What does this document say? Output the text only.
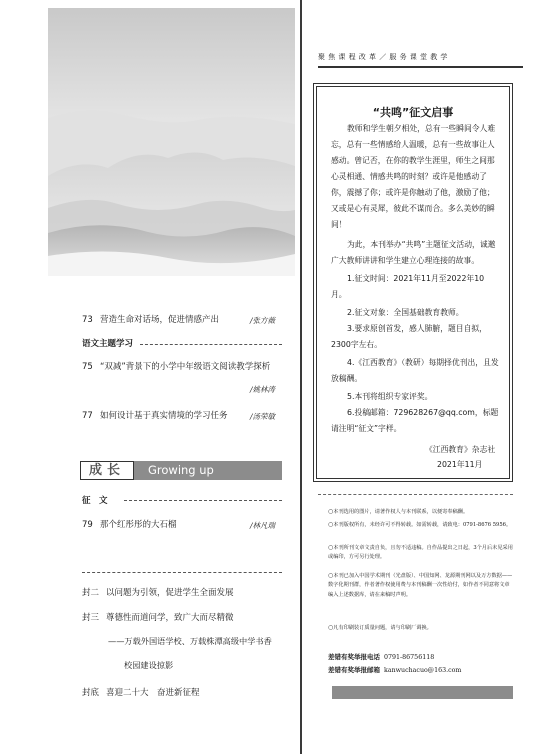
73 营造生命对话场，促进情感产出	/张方薇
语文主题学习
75 “双减”背景下的小学中年级语文阅读教学探析
/姚林涛
77 如何设计基于真实情境的学习任务	/汤荣敏
成长	Growing up
征　文
79 那个红彤彤的大石榴	/林凡瑞
封二 以问题为引领，促进学生全面发展
封三 尊德性而道问学，致广大而尽精微
——万载外国语学校、万载株潭高级中学书香
校园建设掠影
封底 喜迎二十大　奋进新征程
聚焦课程改革／服务课堂教学
“共鸣”征文启事
教师和学生朝夕相处，总有一些瞬间令人难忘，总有一些情感给人温暖，总有一些故事让人感动。曾记否，在你的教学生涯里，师生之间那心灵相通、情感共鸣的时刻？或许是他感动了你，震撼了你；或许是你触动了他，激励了他；又或是心有灵犀，彼此不谋而合。多么美妙的瞬间！
为此，本刊举办“共鸣”主题征文活动，诚邀广大教师讲讲和学生建立心理连接的故事。
1.征文时间：2021年11月至2022年10月。
2.征文对象：全国基础教育教师。
3.要求原创首发，感人肺腑，题目自拟，2300字左右。
4.《江西教育》（教研）每期择优刊出，且发放稿酬。
5.本刊将组织专家评奖。
6.投稿邮箱：729628267@qq.com，标题请注明“征文”字样。
《江西教育》杂志社
2021年11月
○本刊选用的图片，请著作权人与本刊联系，以便寄奉稿酬。
○本刊版权所有，未经许可不得转载。如需转载，请致电：0791-8676 5956。
○本刊所刊文章文责自负，且勿不适违稿。自作品提出之日起，3个月后未见采用或编印，方可另行处理。
○本刊已加入中国学术期刊（光盘版）、中国知网、龙源期刊网以及万方数据——数字化期刊群，作者著作权使用费与本刊稿酬一次性给付，如作者不同意将文章编入上述数据库，请在来稿时声明。
○凡有印刷装订质量问题，请与印刷厂调换。
差错有奖举报电话 0791-86756118
差错有奖举报邮箱 kanwuchacuo@163.com
